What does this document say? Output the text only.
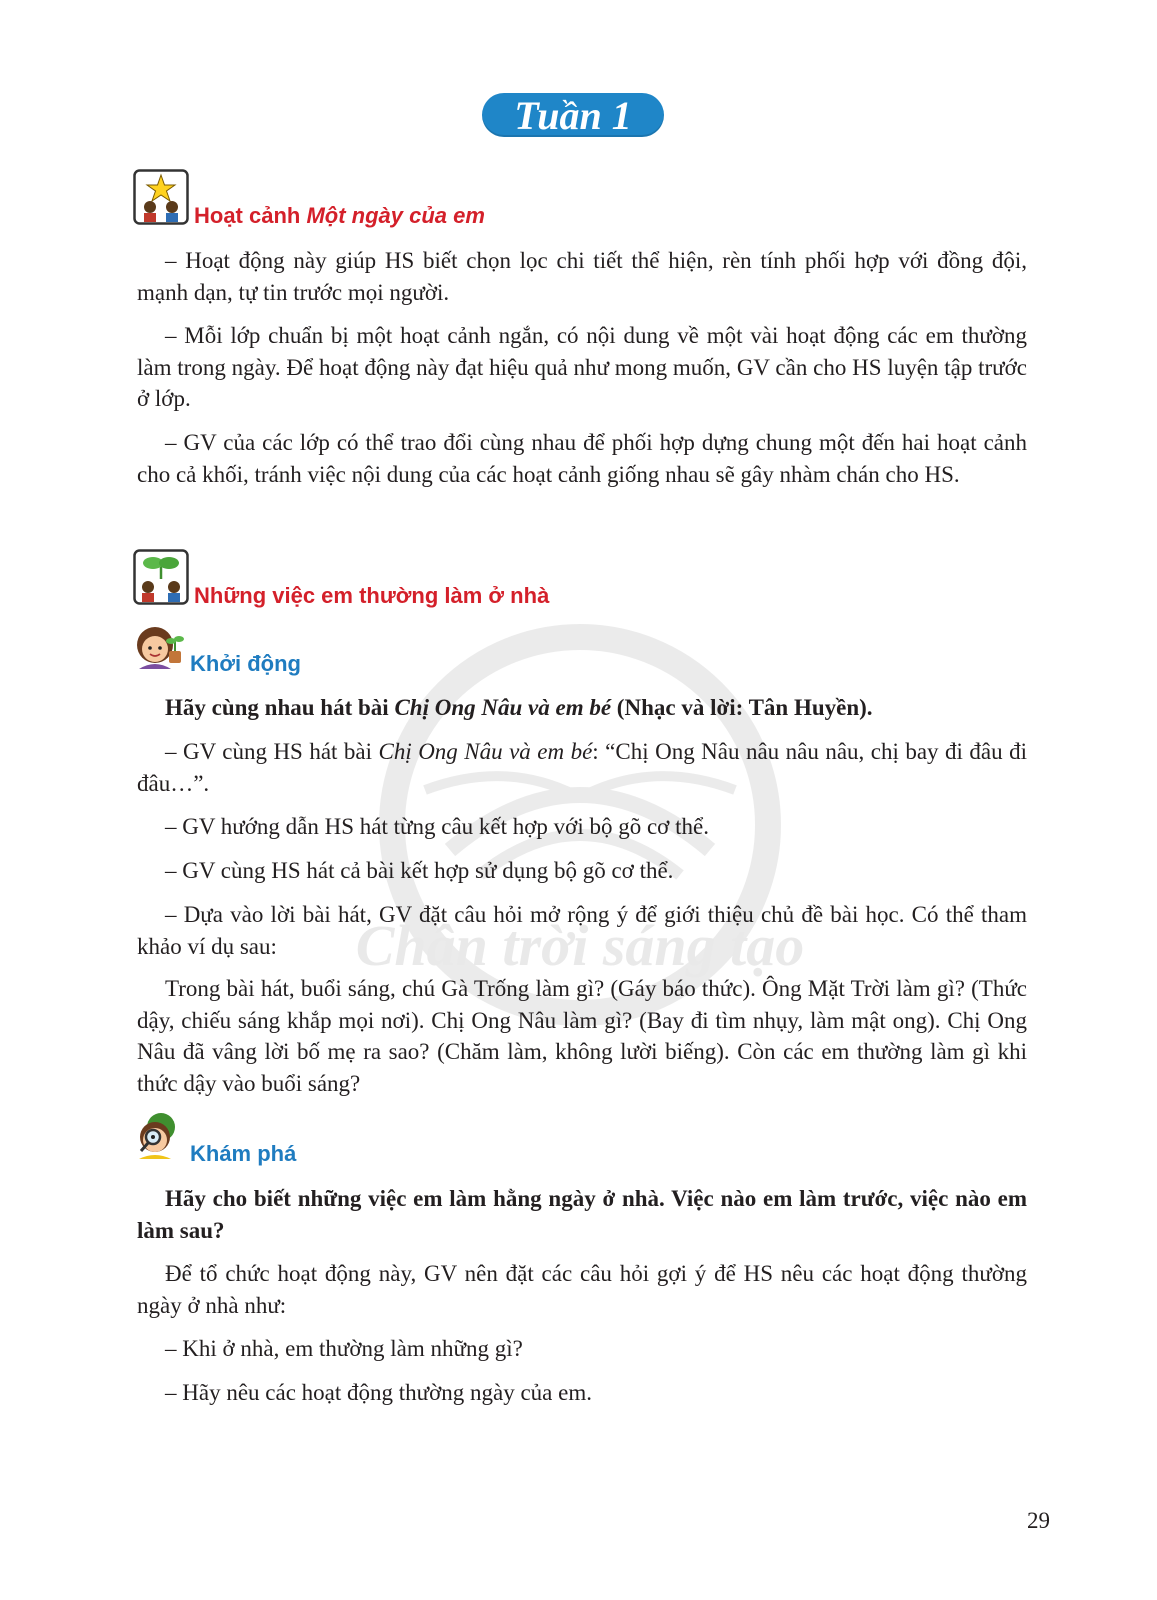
Chân trời sáng tạo
Tuần 1
Hoạt cảnh Một ngày của em

– Hoạt động này giúp HS biết chọn lọc chi tiết thể hiện, rèn tính phối hợp với đồng đội, mạnh dạn, tự tin trước mọi người.

– Mỗi lớp chuẩn bị một hoạt cảnh ngắn, có nội dung về một vài hoạt động các em thường làm trong ngày. Để hoạt động này đạt hiệu quả như mong muốn, GV cần cho HS luyện tập trước ở lớp.

– GV của các lớp có thể trao đổi cùng nhau để phối hợp dựng chung một đến hai hoạt cảnh cho cả khối, tránh việc nội dung của các hoạt cảnh giống nhau sẽ gây nhàm chán cho HS.

Những việc em thường làm ở nhà
Khởi động

Hãy cùng nhau hát bài Chị Ong Nâu và em bé (Nhạc và lời: Tân Huyền).

– GV cùng HS hát bài Chị Ong Nâu và em bé: “Chị Ong Nâu nâu nâu nâu, chị bay đi đâu đi đâu…”.

– GV hướng dẫn HS hát từng câu kết hợp với bộ gõ cơ thể.

– GV cùng HS hát cả bài kết hợp sử dụng bộ gõ cơ thể.

– Dựa vào lời bài hát, GV đặt câu hỏi mở rộng ý để giới thiệu chủ đề bài học. Có thể tham khảo ví dụ sau:

Trong bài hát, buổi sáng, chú Gà Trống làm gì? (Gáy báo thức). Ông Mặt Trời làm gì? (Thức dậy, chiếu sáng khắp mọi nơi). Chị Ong Nâu làm gì? (Bay đi tìm nhụy, làm mật ong). Chị Ong Nâu đã vâng lời bố mẹ ra sao? (Chăm làm, không lười biếng). Còn các em thường làm gì khi thức dậy vào buổi sáng?

Khám phá

Hãy cho biết những việc em làm hằng ngày ở nhà. Việc nào em làm trước, việc nào em làm sau?

Để tổ chức hoạt động này, GV nên đặt các câu hỏi gợi ý để HS nêu các hoạt động thường ngày ở nhà như:

– Khi ở nhà, em thường làm những gì?

– Hãy nêu các hoạt động thường ngày của em.

29
